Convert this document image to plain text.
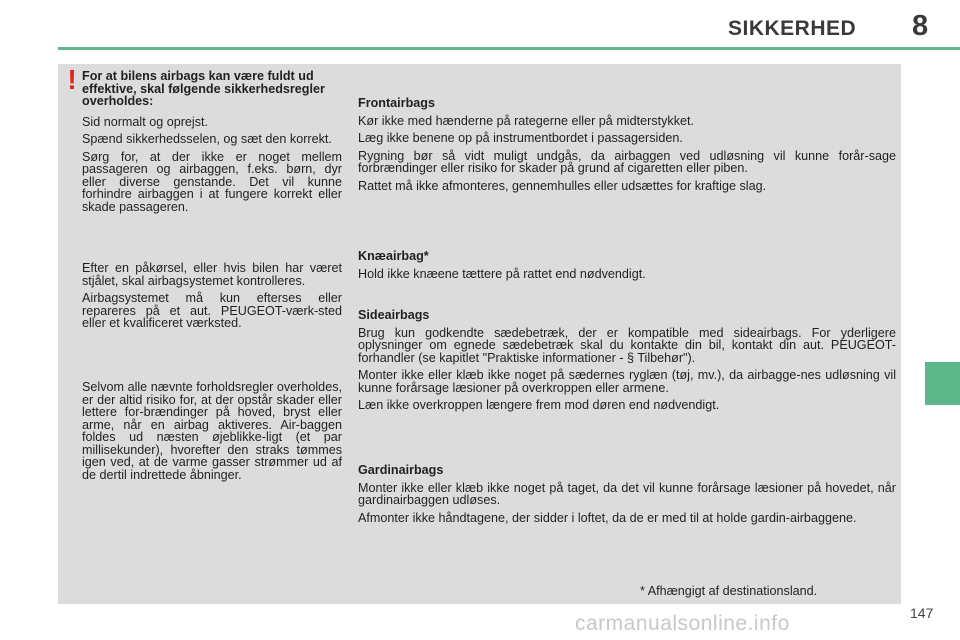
SIKKERHED 8
! For at bilens airbags kan være fuldt ud effektive, skal følgende sikkerhedsregler overholdes:

Sid normalt og oprejst.

Spænd sikkerhedsselen, og sæt den korrekt.

Sørg for, at der ikke er noget mellem passageren og airbaggen, f.eks. børn, dyr eller diverse genstande. Det vil kunne forhindre airbaggen i at fungere korrekt eller skade passageren.

Efter en påkørsel, eller hvis bilen har været stjålet, skal airbagsystemet kontrolleres.

Airbagsystemet må kun efterses eller repareres på et aut. PEUGEOT-værk-sted eller et kvalificeret værksted.

Selvom alle nævnte forholdsregler overholdes, er der altid risiko for, at der opstår skader eller lettere for-brændinger på hoved, bryst eller arme, når en airbag aktiveres. Air-baggen foldes ud næsten øjeblikke-ligt (et par millisekunder), hvorefter den straks tømmes igen ved, at de varme gasser strømmer ud af de dertil indrettede åbninger.

Frontairbags

Kør ikke med hænderne på rategerne eller på midterstykket.

Læg ikke benene op på instrumentbordet i passagersiden.

Rygning bør så vidt muligt undgås, da airbaggen ved udløsning vil kunne forår-sage forbrændinger eller risiko for skader på grund af cigaretten eller piben.

Rattet må ikke afmonteres, gennemhulles eller udsættes for kraftige slag.

Knæairbag*

Hold ikke knæene tættere på rattet end nødvendigt.

Sideairbags

Brug kun godkendte sædebetræk, der er kompatible med sideairbags. For yderligere oplysninger om egnede sædebetræk skal du kontakte din bil, kontakt din aut. PEUGEOT-forhandler (se kapitlet "Praktiske informationer - § Tilbehør").

Monter ikke eller klæb ikke noget på sædernes ryglæn (tøj, mv.), da airbagge-nes udløsning vil kunne forårsage læsioner på overkroppen eller armene.

Læn ikke overkroppen længere frem mod døren end nødvendigt.

Gardinairbags

Monter ikke eller klæb ikke noget på taget, da det vil kunne forårsage læsioner på hovedet, når gardinairbaggen udløses.

Afmonter ikke håndtagene, der sidder i loftet, da de er med til at holde gardin-airbaggene.

* Afhængigt af destinationsland.
147
carmanualsonline.info
